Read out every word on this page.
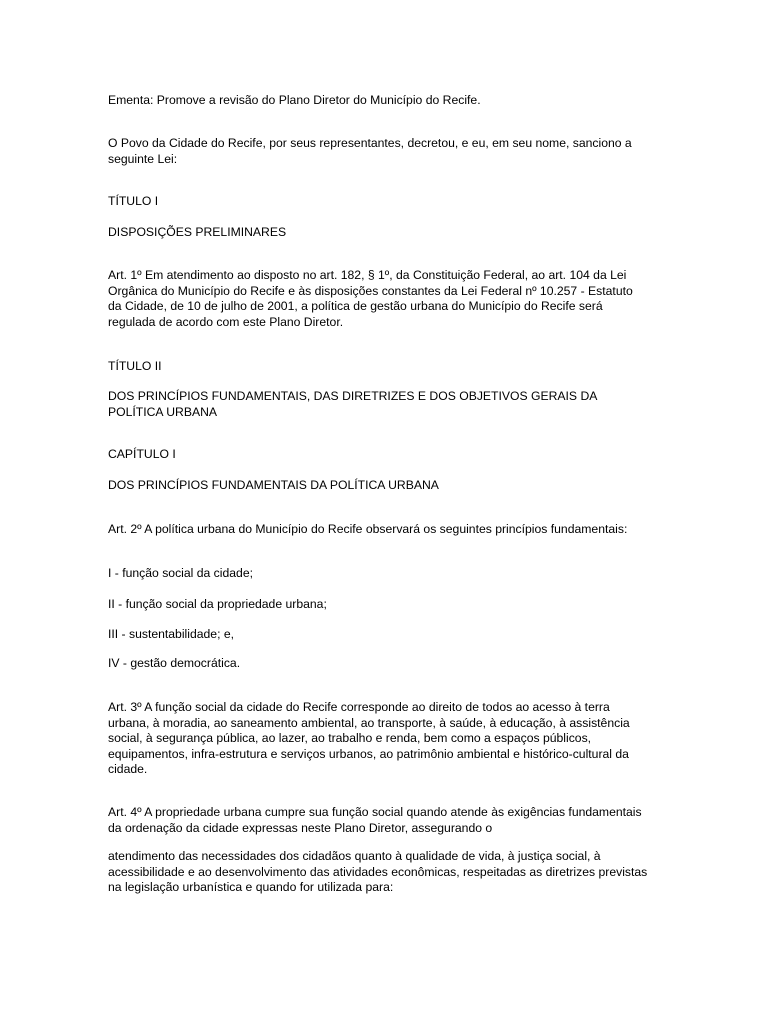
Ementa: Promove a revisão do Plano Diretor do Município do Recife.

O Povo da Cidade do Recife, por seus representantes, decretou, e eu, em seu nome, sanciono a seguinte Lei:

TÍTULO I

DISPOSIÇÕES PRELIMINARES

Art. 1º Em atendimento ao disposto no art. 182, § 1º, da Constituição Federal, ao art. 104 da Lei Orgânica do Município do Recife e às disposições constantes da Lei Federal nº 10.257 - Estatuto da Cidade, de 10 de julho de 2001, a política de gestão urbana do Município do Recife será regulada de acordo com este Plano Diretor.

TÍTULO II

DOS PRINCÍPIOS FUNDAMENTAIS, DAS DIRETRIZES E DOS OBJETIVOS GERAIS DA POLÍTICA URBANA

CAPÍTULO I

DOS PRINCÍPIOS FUNDAMENTAIS DA POLÍTICA URBANA

Art. 2º A política urbana do Município do Recife observará os seguintes princípios fundamentais:

I - função social da cidade;

II - função social da propriedade urbana;

III - sustentabilidade; e,

IV - gestão democrática.

Art. 3º A função social da cidade do Recife corresponde ao direito de todos ao acesso à terra urbana, à moradia, ao saneamento ambiental, ao transporte, à saúde, à educação, à assistência social, à segurança pública, ao lazer, ao trabalho e renda, bem como a espaços públicos, equipamentos, infra-estrutura e serviços urbanos, ao patrimônio ambiental e histórico-cultural da cidade.

Art. 4º A propriedade urbana cumpre sua função social quando atende às exigências fundamentais da ordenação da cidade expressas neste Plano Diretor, assegurando o

atendimento das necessidades dos cidadãos quanto à qualidade de vida, à justiça social, à acessibilidade e ao desenvolvimento das atividades econômicas, respeitadas as diretrizes previstas na legislação urbanística e quando for utilizada para:
